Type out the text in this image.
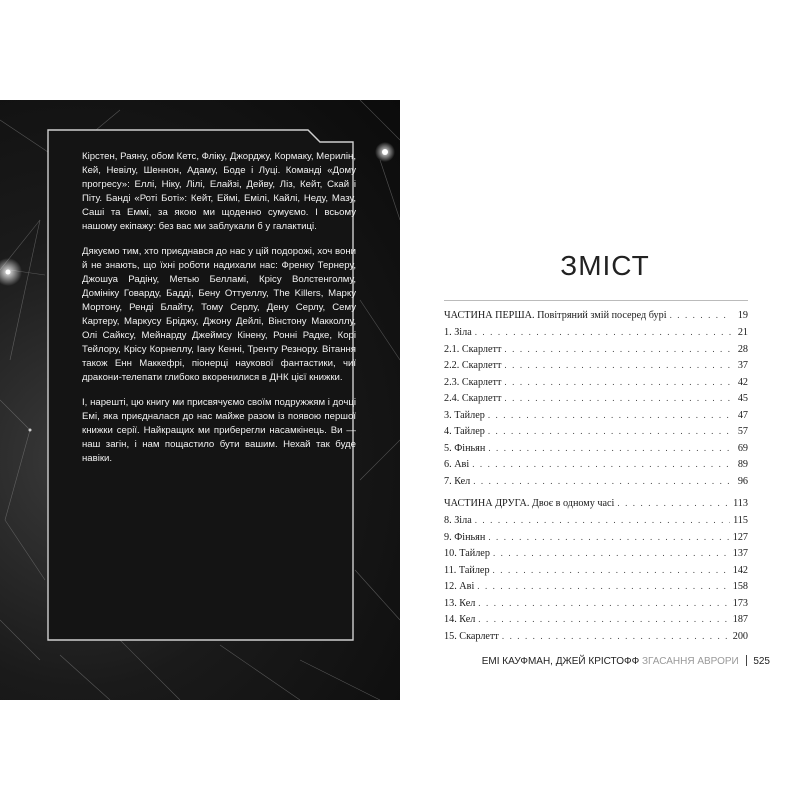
Кірстен, Раяну, обом Кетс, Фліку, Джорджу, Кормаку, Мерилін, Кей, Невілу, Шеннон, Адаму, Боде і Луці. Команді «Дому прогресу»: Еллі, Ніку, Лілі, Елайзі, Дейву, Ліз, Кейт, Скай і Піту. Банді «Роті Боті»: Кейт, Еймі, Емілі, Кайлі, Неду, Мазу, Саші та Еммі, за якою ми щоденно сумуємо. І всьому нашому екіпажу: без вас ми заблукали б у галактиці.

Дякуємо тим, хто приєднався до нас у цій подорожі, хоч вони й не знають, що їхні роботи надихали нас: Френку Тернеру, Джошуа Радіну, Метью Белламі, Крісу Волстенголму, Домініку Говарду, Бадді, Бену Оттуеллу, The Killers, Марку Мортону, Ренді Блайту, Тому Серлу, Дену Серлу, Сему Картеру, Маркусу Бріджу, Джону Дейлі, Вінстону Макколлу, Олі Сайксу, Мейнарду Джеймсу Кінену, Ронні Радке, Корі Тейлору, Крісу Корнеллу, Іану Кенні, Тренту Резнору. Вітання також Енн Маккефрі, піонерці наукової фантастики, чиї дракони-телепати глибоко вкоренилися в ДНК цієї книжки.

І, нарешті, цю книгу ми присвячуємо своїм подружжям і дочці Емі, яка приєдналася до нас майже разом із появою першої книжки серії. Найкращих ми приберегли насамкінець. Ви — наш загін, і нам пощастило бути вашим. Нехай так буде навіки.

ЗМІСТ
ЧАСТИНА ПЕРША. Повітряний змій посеред бурі . . .	19
1. Зіла . . .	21
2.1. Скарлетт . . .	28
2.2. Скарлетт . . .	37
2.3. Скарлетт . . .	42
2.4. Скарлетт . . .	45
3. Тайлер . . .	47
4. Тайлер . . .	57
5. Фіньян . . .	69
6. Аві . . .	89
7. Кел . . .	96
ЧАСТИНА ДРУГА. Двоє в одному часі . . .	113
8. Зіла . . .	115
9. Фіньян . . .	127
10. Тайлер . . .	137
11. Тайлер . . .	142
12. Аві . . .	158
13. Кел . . .	173
14. Кел . . .	187
15. Скарлетт . . .	200
ЕМІ КАУФМАН, ДЖЕЙ КРІСТОФФ ЗГАСАННЯ АВРОРИ 525
